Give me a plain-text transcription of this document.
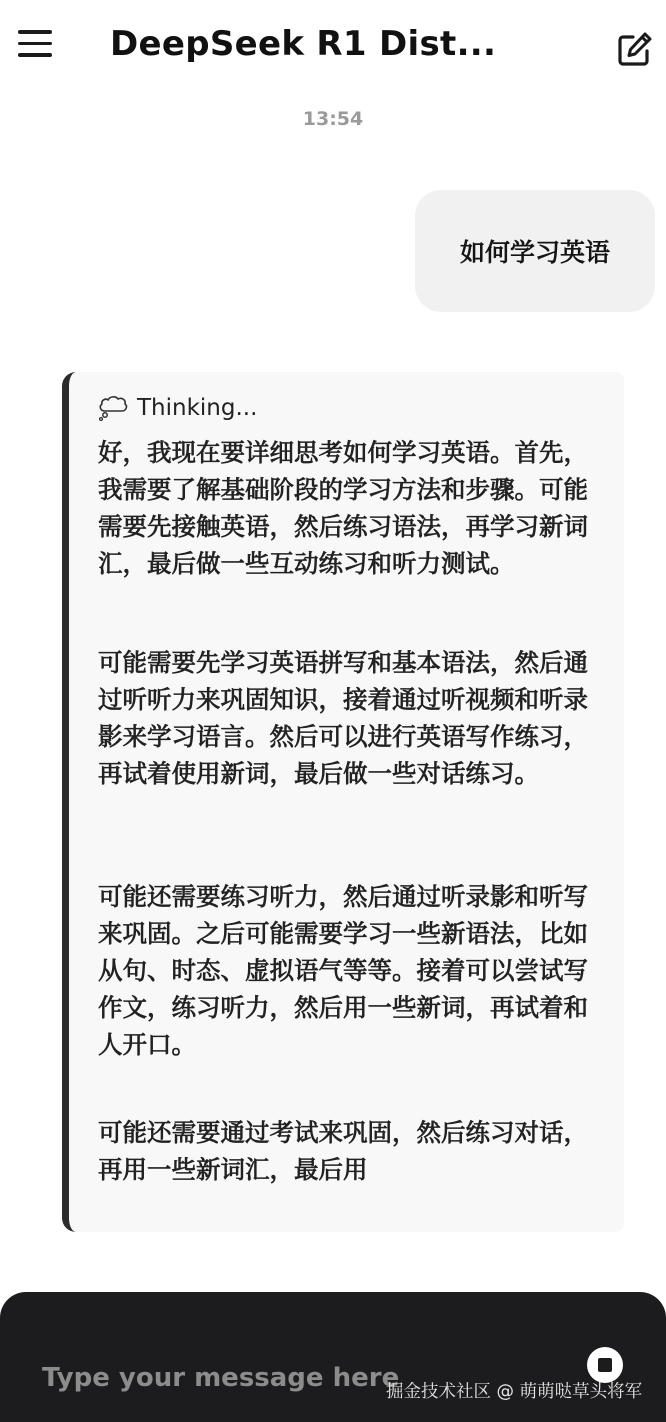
DeepSeek R1 Dist...
13:54
如何学习英语
Thinking...
好，我现在要详细思考如何学习英语。首先，我需要了解基础阶段的学习方法和步骤。可能需要先接触英语，然后练习语法，再学习新词汇，最后做一些互动练习和听力测试。
可能需要先学习英语拼写和基本语法，然后通过听听力来巩固知识，接着通过听视频和听录影来学习语言。然后可以进行英语写作练习，再试着使用新词，最后做一些对话练习。
可能还需要练习听力，然后通过听录影和听写来巩固。之后可能需要学习一些新语法，比如从句、时态、虚拟语气等等。接着可以尝试写作文，练习听力，然后用一些新词，再试着和人开口。
可能还需要通过考试来巩固，然后练习对话，再用一些新词汇，最后用
Type your message here
掘金技术社区 @ 萌萌哒草头将军
